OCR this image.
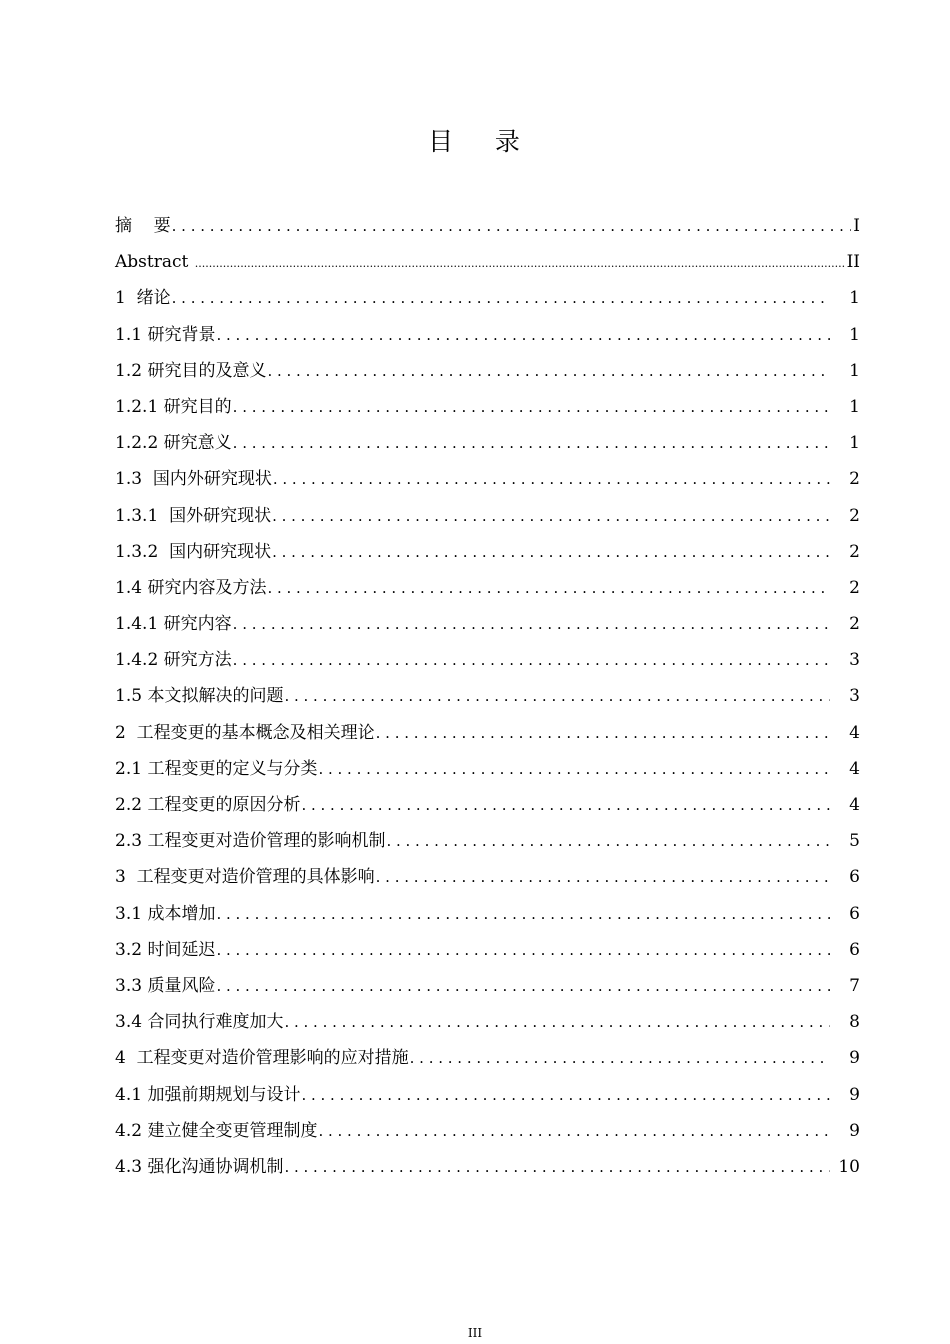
目    录
摘    要 . . .	I
Abstract .....	II
1  绪论 . . .	1
1.1 研究背景 . . .	1
1.2 研究目的及意义 . . .	1
1.2.1 研究目的 . . .	1
1.2.2 研究意义 . . .	1
1.3  国内外研究现状 . . .	2
1.3.1  国外研究现状 . . .	2
1.3.2  国内研究现状 . . .	2
1.4 研究内容及方法 . . .	2
1.4.1 研究内容 . . .	2
1.4.2 研究方法 . . .	3
1.5 本文拟解决的问题 . . .	3
2  工程变更的基本概念及相关理论 . . .	4
2.1 工程变更的定义与分类 . . .	4
2.2 工程变更的原因分析 . . .	4
2.3 工程变更对造价管理的影响机制 . . .	5
3  工程变更对造价管理的具体影响 . . .	6
3.1 成本增加 . . .	6
3.2 时间延迟 . . .	6
3.3 质量风险 . . .	7
3.4 合同执行难度加大 . . .	8
4  工程变更对造价管理影响的应对措施 . . .	9
4.1 加强前期规划与设计 . . .	9
4.2 建立健全变更管理制度 . . .	9
4.3 强化沟通协调机制 . . .	10
III
